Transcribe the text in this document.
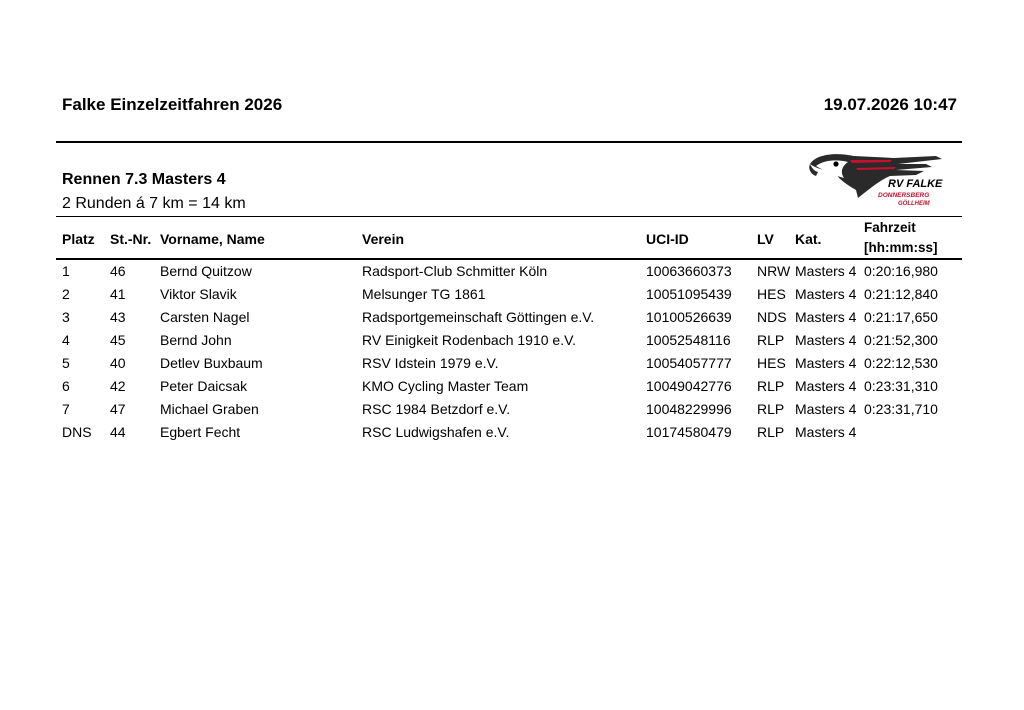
Falke Einzelzeitfahren 2026	19.07.2026 10:47
Rennen 7.3 Masters 4
2 Runden á 7 km = 14 km
RV FALKE
DONNERSBERG
GÖLLHEIM
Platz St.-Nr. Vorname, Name	Verein	UCI-ID	LV Kat.
Fahrzeit
[hh:mm:ss]
1	46 Bernd Quitzow	Radsport-Club Schmitter Köln	10063660373 NRW Masters 4 0:20:16,980
2	41 Viktor Slavik	Melsunger TG 1861	10051095439 HES Masters 4 0:21:12,840
3	43 Carsten Nagel	Radsportgemeinschaft Göttingen e.V.	10100526639 NDS Masters 4 0:21:17,650
4	45 Bernd John	RV Einigkeit Rodenbach 1910 e.V.	10052548116 RLP Masters 4 0:21:52,300
5	40 Detlev Buxbaum	RSV Idstein 1979 e.V.	10054057777 HES Masters 4 0:22:12,530
6	42 Peter Daicsak	KMO Cycling Master Team	10049042776 RLP Masters 4 0:23:31,310
7	47 Michael Graben	RSC 1984 Betzdorf e.V.	10048229996 RLP Masters 4 0:23:31,710
DNS 44 Egbert Fecht	RSC Ludwigshafen e.V.	10174580479 RLP Masters 4
